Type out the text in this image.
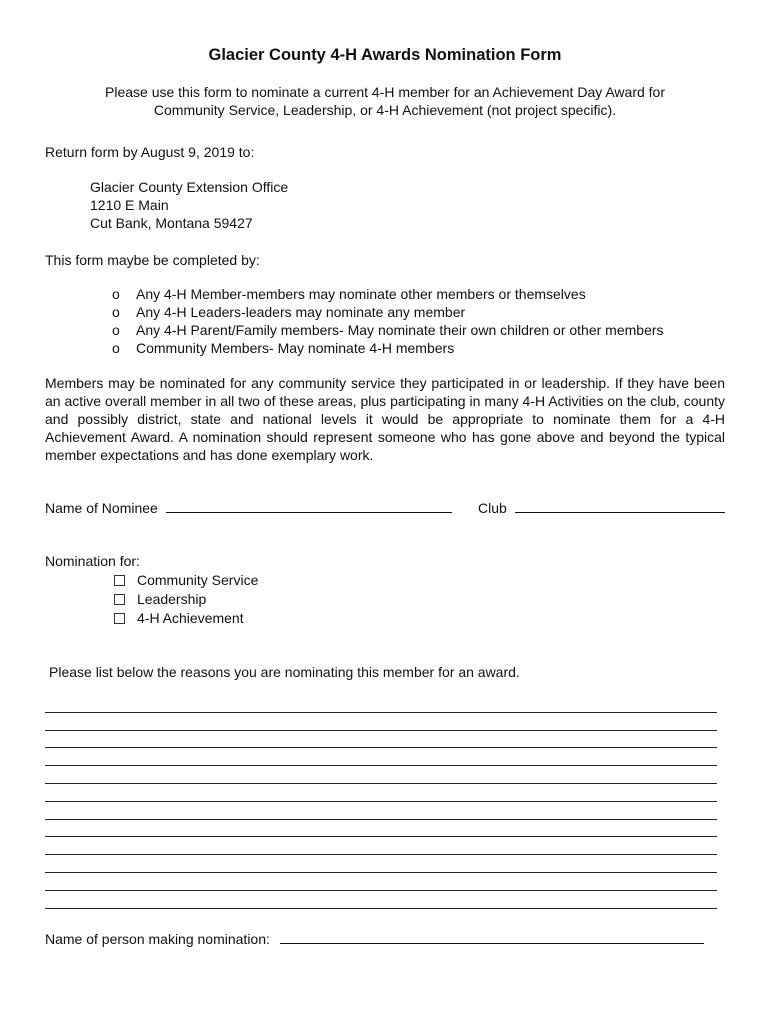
Glacier County 4-H Awards Nomination Form
Please use this form to nominate a current 4-H member for an Achievement Day Award for Community Service, Leadership, or 4-H Achievement (not project specific).
Return form by August 9, 2019 to:
Glacier County Extension Office
1210 E Main
Cut Bank, Montana 59427
This form maybe be completed by:
o Any 4-H Member-members may nominate other members or themselves
o Any 4-H Leaders-leaders may nominate any member
o Any 4-H Parent/Family members- May nominate their own children or other members
o Community Members- May nominate 4-H members
Members may be nominated for any community service they participated in or leadership. If they have been an active overall member in all two of these areas, plus participating in many 4-H Activities on the club, county and possibly district, state and national levels it would be appropriate to nominate them for a 4-H Achievement Award. A nomination should represent someone who has gone above and beyond the typical member expectations and has done exemplary work.
Name of Nominee	Club
Nomination for:
Community Service
Leadership
4-H Achievement
Please list below the reasons you are nominating this member for an award.
Name of person making nomination:
